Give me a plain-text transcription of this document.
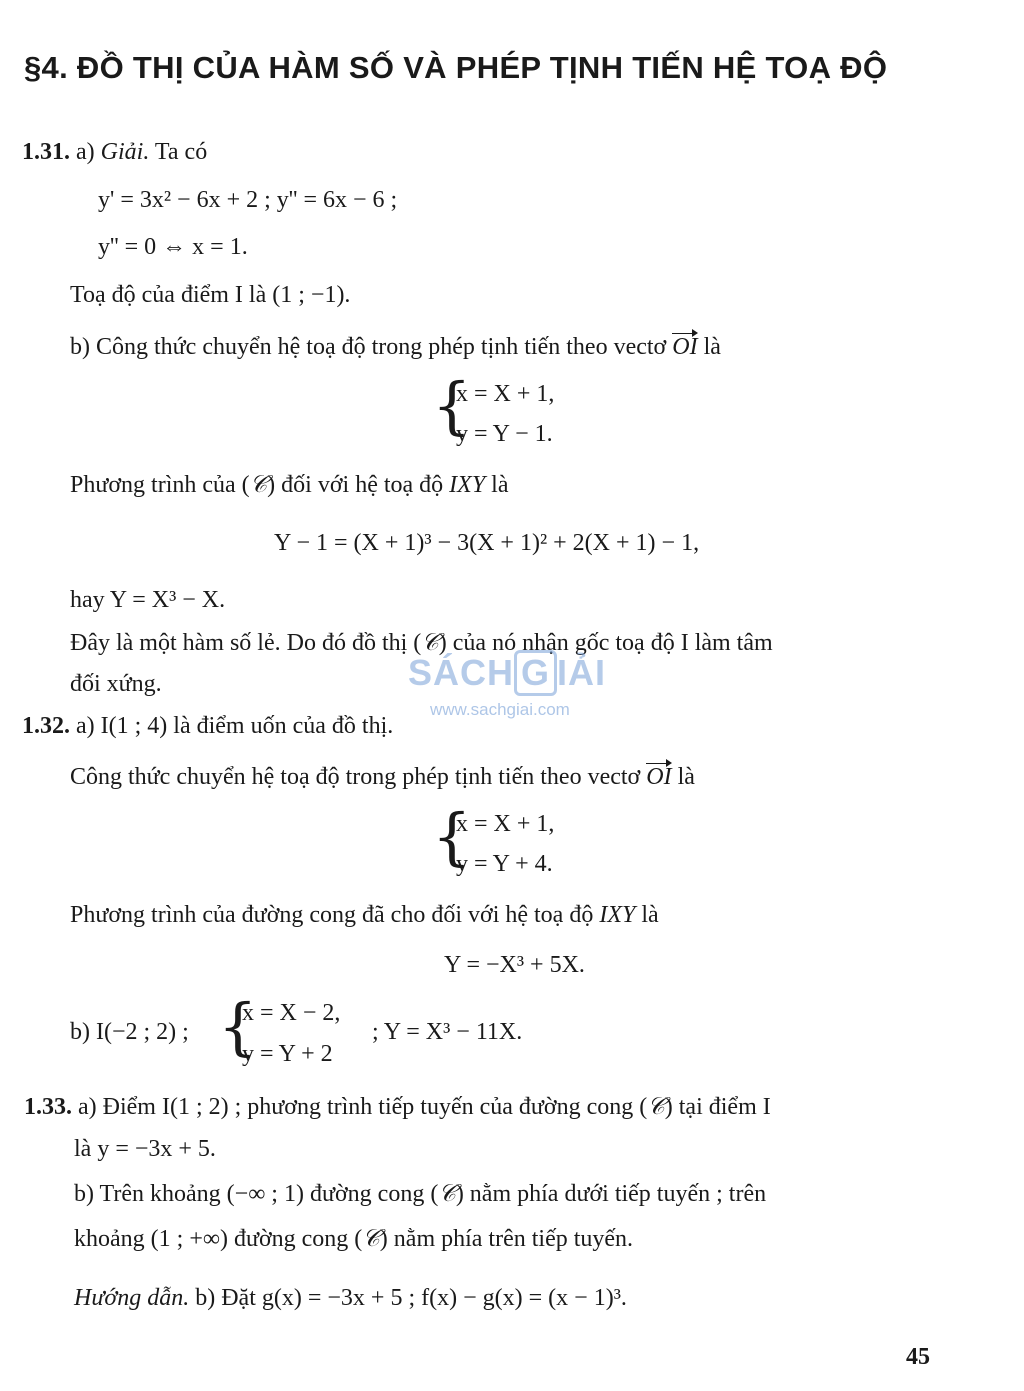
§4. ĐỒ THỊ CỦA HÀM SỐ VÀ PHÉP TỊNH TIẾN HỆ TOẠ ĐỘ
1.31. a) Giải. Ta có
y' = 3x² − 6x + 2 ; y'' = 6x − 6 ;
y'' = 0 ⇔ x = 1.
Toạ độ của điểm I là (1 ; −1).
b) Công thức chuyển hệ toạ độ trong phép tịnh tiến theo vectơ OI là
{
x = X + 1,
y = Y − 1.
Phương trình của (𝒞) đối với hệ toạ độ IXY là
Y − 1 = (X + 1)³ − 3(X + 1)² + 2(X + 1) − 1,
hay Y = X³ − X.
Đây là một hàm số lẻ. Do đó đồ thị (𝒞) của nó nhận gốc toạ độ I làm tâm
đối xứng.	SÁCH G IẢI
www.sachgiai.com
1.32. a) I(1 ; 4) là điểm uốn của đồ thị.
Công thức chuyển hệ toạ độ trong phép tịnh tiến theo vectơ OI là
{
x = X + 1,
y = Y + 4.
Phương trình của đường cong đã cho đối với hệ toạ độ IXY là
Y = −X³ + 5X.
b) I(−2 ; 2) ; {
x = X − 2,
y = Y + 2
; Y = X³ − 11X.
1.33. a) Điểm I(1 ; 2) ; phương trình tiếp tuyến của đường cong (𝒞) tại điểm I
là y = −3x + 5.
b) Trên khoảng (−∞ ; 1) đường cong (𝒞) nằm phía dưới tiếp tuyến ; trên
khoảng (1 ; +∞) đường cong (𝒞) nằm phía trên tiếp tuyến.
Hướng dẫn. b) Đặt g(x) = −3x + 5 ; f(x) − g(x) = (x − 1)³.
45
